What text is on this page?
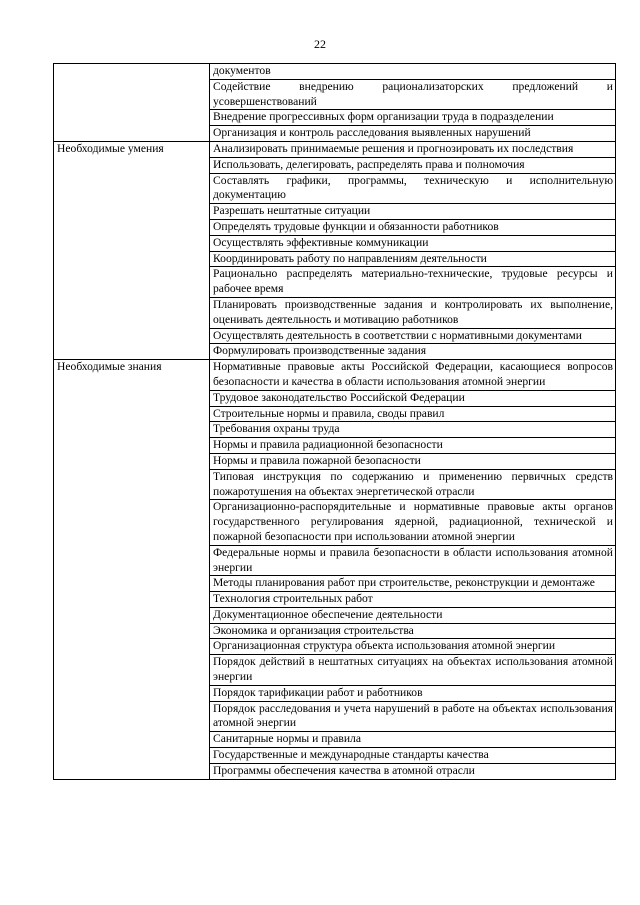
22
	документов
	Содействие внедрению рационализаторских предложений и усовершенствований
	Внедрение прогрессивных форм организации труда в подразделении
	Организация и контроль расследования выявленных нарушений
Необходимые умения	Анализировать принимаемые решения и прогнозировать их последствия
	Использовать, делегировать, распределять права и полномочия
	Составлять графики, программы, техническую и исполнительную документацию
	Разрешать нештатные ситуации
	Определять трудовые функции и обязанности работников
	Осуществлять эффективные коммуникации
	Координировать работу по направлениям деятельности
	Рационально распределять материально-технические, трудовые ресурсы и рабочее время
	Планировать производственные задания и контролировать их выполнение, оценивать деятельность и мотивацию работников
	Осуществлять деятельность в соответствии с нормативными документами
	Формулировать производственные задания
Необходимые знания	Нормативные правовые акты Российской Федерации, касающиеся вопросов безопасности и качества в области использования атомной энергии
	Трудовое законодательство Российской Федерации
	Строительные нормы и правила, своды правил
	Требования охраны труда
	Нормы и правила радиационной безопасности
	Нормы и правила пожарной безопасности
	Типовая инструкция по содержанию и применению первичных средств пожаротушения на объектах энергетической отрасли
	Организационно-распорядительные и нормативные правовые акты органов государственного регулирования ядерной, радиационной, технической и пожарной безопасности при использовании атомной энергии
	Федеральные нормы и правила безопасности в области использования атомной энергии
	Методы планирования работ при строительстве, реконструкции и демонтаже
	Технология строительных работ
	Документационное обеспечение деятельности
	Экономика и организация строительства
	Организационная структура объекта использования атомной энергии
	Порядок действий в нештатных ситуациях на объектах использования атомной энергии
	Порядок тарификации работ и работников
	Порядок расследования и учета нарушений в работе на объектах использования атомной энергии
	Санитарные нормы и правила
	Государственные и международные стандарты качества
	Программы обеспечения качества в атомной отрасли
